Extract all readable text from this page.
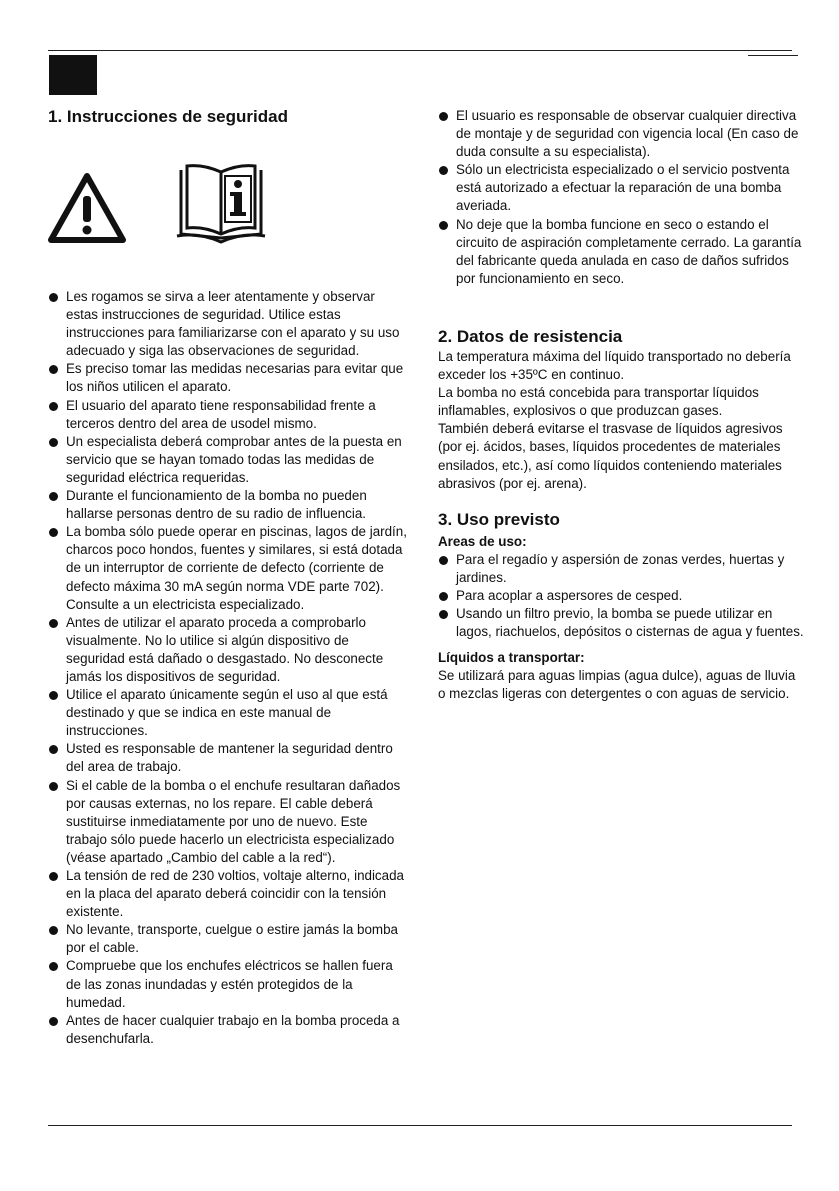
1. Instrucciones de seguridad
Les rogamos se sirva a leer atentamente y observar estas instrucciones de seguridad. Utilice estas instrucciones para familiarizarse con el aparato y su uso adecuado y siga las observaciones de seguridad.
Es preciso tomar las medidas necesarias para evitar que los niños utilicen el aparato.
El usuario del aparato tiene responsabilidad frente a terceros dentro del area de usodel mismo.
Un especialista deberá comprobar antes de la puesta en servicio que se hayan tomado todas las medidas de seguridad eléctrica requeridas.
Durante el funcionamiento de la bomba no pueden hallarse personas dentro de su radio de influencia.
La bomba sólo puede operar en piscinas, lagos de jardín, charcos poco hondos, fuentes y similares, si está dotada de un interruptor de corriente de defecto (corriente de defecto máxima 30 mA según norma VDE parte 702). Consulte a un electricista especializado.
Antes de utilizar el aparato proceda a comprobarlo visualmente. No lo utilice si algún dispositivo de seguridad está dañado o desgastado. No desconecte jamás los dispositivos de seguridad.
Utilice el aparato únicamente según el uso al que está destinado y que se indica en este manual de instrucciones.
Usted es responsable de mantener la seguridad dentro del area de trabajo.
Si el cable de la bomba o el enchufe resultaran dañados por causas externas, no los repare. El cable deberá sustituirse inmediatamente por uno de nuevo. Este trabajo sólo puede hacerlo un electricista especializado (véase apartado „Cambio del cable a la red“).
La tensión de red de 230 voltios, voltaje alterno, indicada en la placa del aparato deberá coincidir con la tensión existente.
No levante, transporte, cuelgue o estire jamás la bomba por el cable.
Compruebe que los enchufes eléctricos se hallen fuera de las zonas inundadas y estén protegidos de la humedad.
Antes de hacer cualquier trabajo en la bomba proceda a desenchufarla.
El usuario es responsable de observar cualquier directiva de montaje y de seguridad con vigencia local (En caso de duda consulte a su especialista).
Sólo un electricista especializado o el servicio postventa está autorizado a efectuar la reparación de una bomba averiada.
No deje que la bomba funcione en seco o estando el circuito de aspiración completamente cerrado. La garantía del fabricante queda anulada en caso de daños sufridos por funcionamiento en seco.
2. Datos de resistencia

La temperatura máxima del líquido transportado no debería exceder los +35ºC en continuo.

La bomba no está concebida para transportar líquidos inflamables, explosivos o que produzcan gases.

También deberá evitarse el trasvase de líquidos agresivos (por ej. ácidos, bases, líquidos procedentes de materiales ensilados, etc.), así como líquidos conteniendo materiales abrasivos (por ej. arena).

3. Uso previsto

Areas de uso:

Para el regadío y aspersión de zonas verdes, huertas y jardines.
Para acoplar a aspersores de cesped.
Usando un filtro previo, la bomba se puede utilizar en lagos, riachuelos, depósitos o cisternas de agua y fuentes.

Líquidos a transportar:

Se utilizará para aguas limpias (agua dulce), aguas de lluvia o mezclas ligeras con detergentes o con aguas de servicio.
